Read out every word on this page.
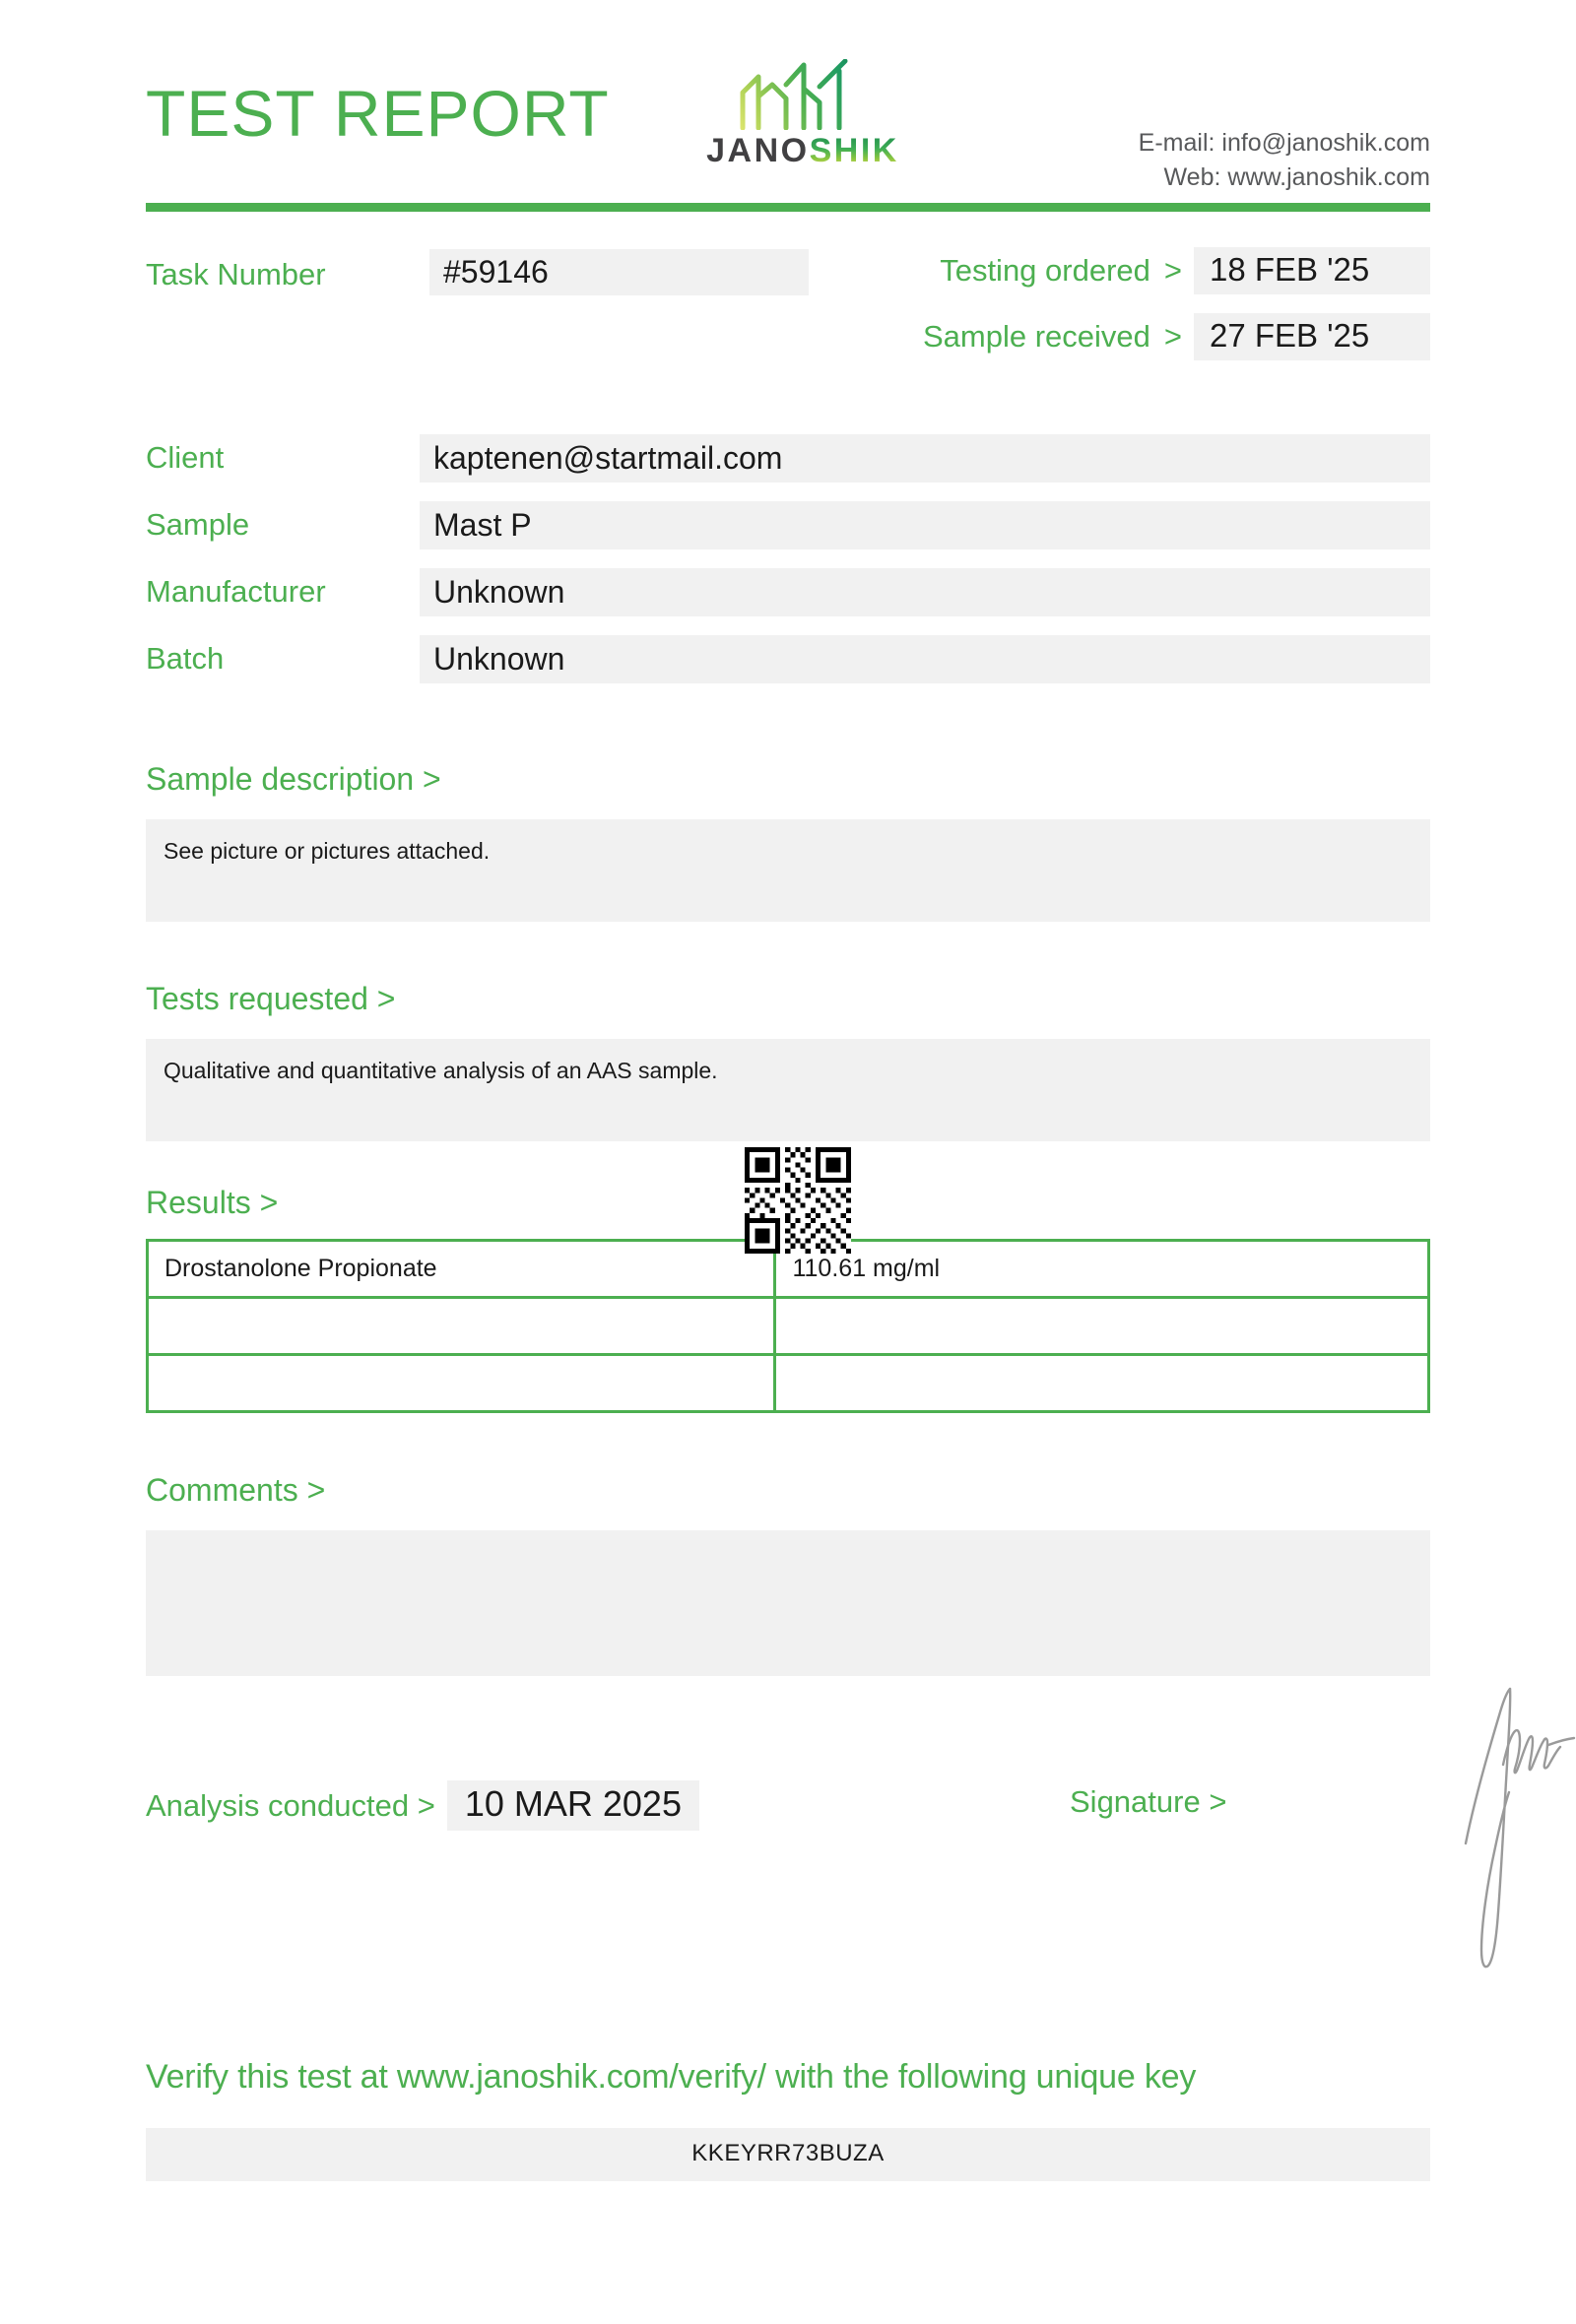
TEST REPORT
JANOSHIK	E-mail: info@janoshik.com
Web: www.janoshik.com
Task Number	#59146	Testing ordered > 18 FEB '25
Sample received > 27 FEB '25
Client	kaptenen@startmail.com
Sample	Mast P
Manufacturer	Unknown
Batch	Unknown
Sample description >
See picture or pictures attached.
Tests requested >
Qualitative and quantitative analysis of an AAS sample.
Results >
Drostanolone Propionate	110.61 mg/ml

Comments >
Analysis conducted > 10 MAR 2025	Signature >
Verify this test at www.janoshik.com/verify/ with the following unique key
KKEYRR73BUZA
